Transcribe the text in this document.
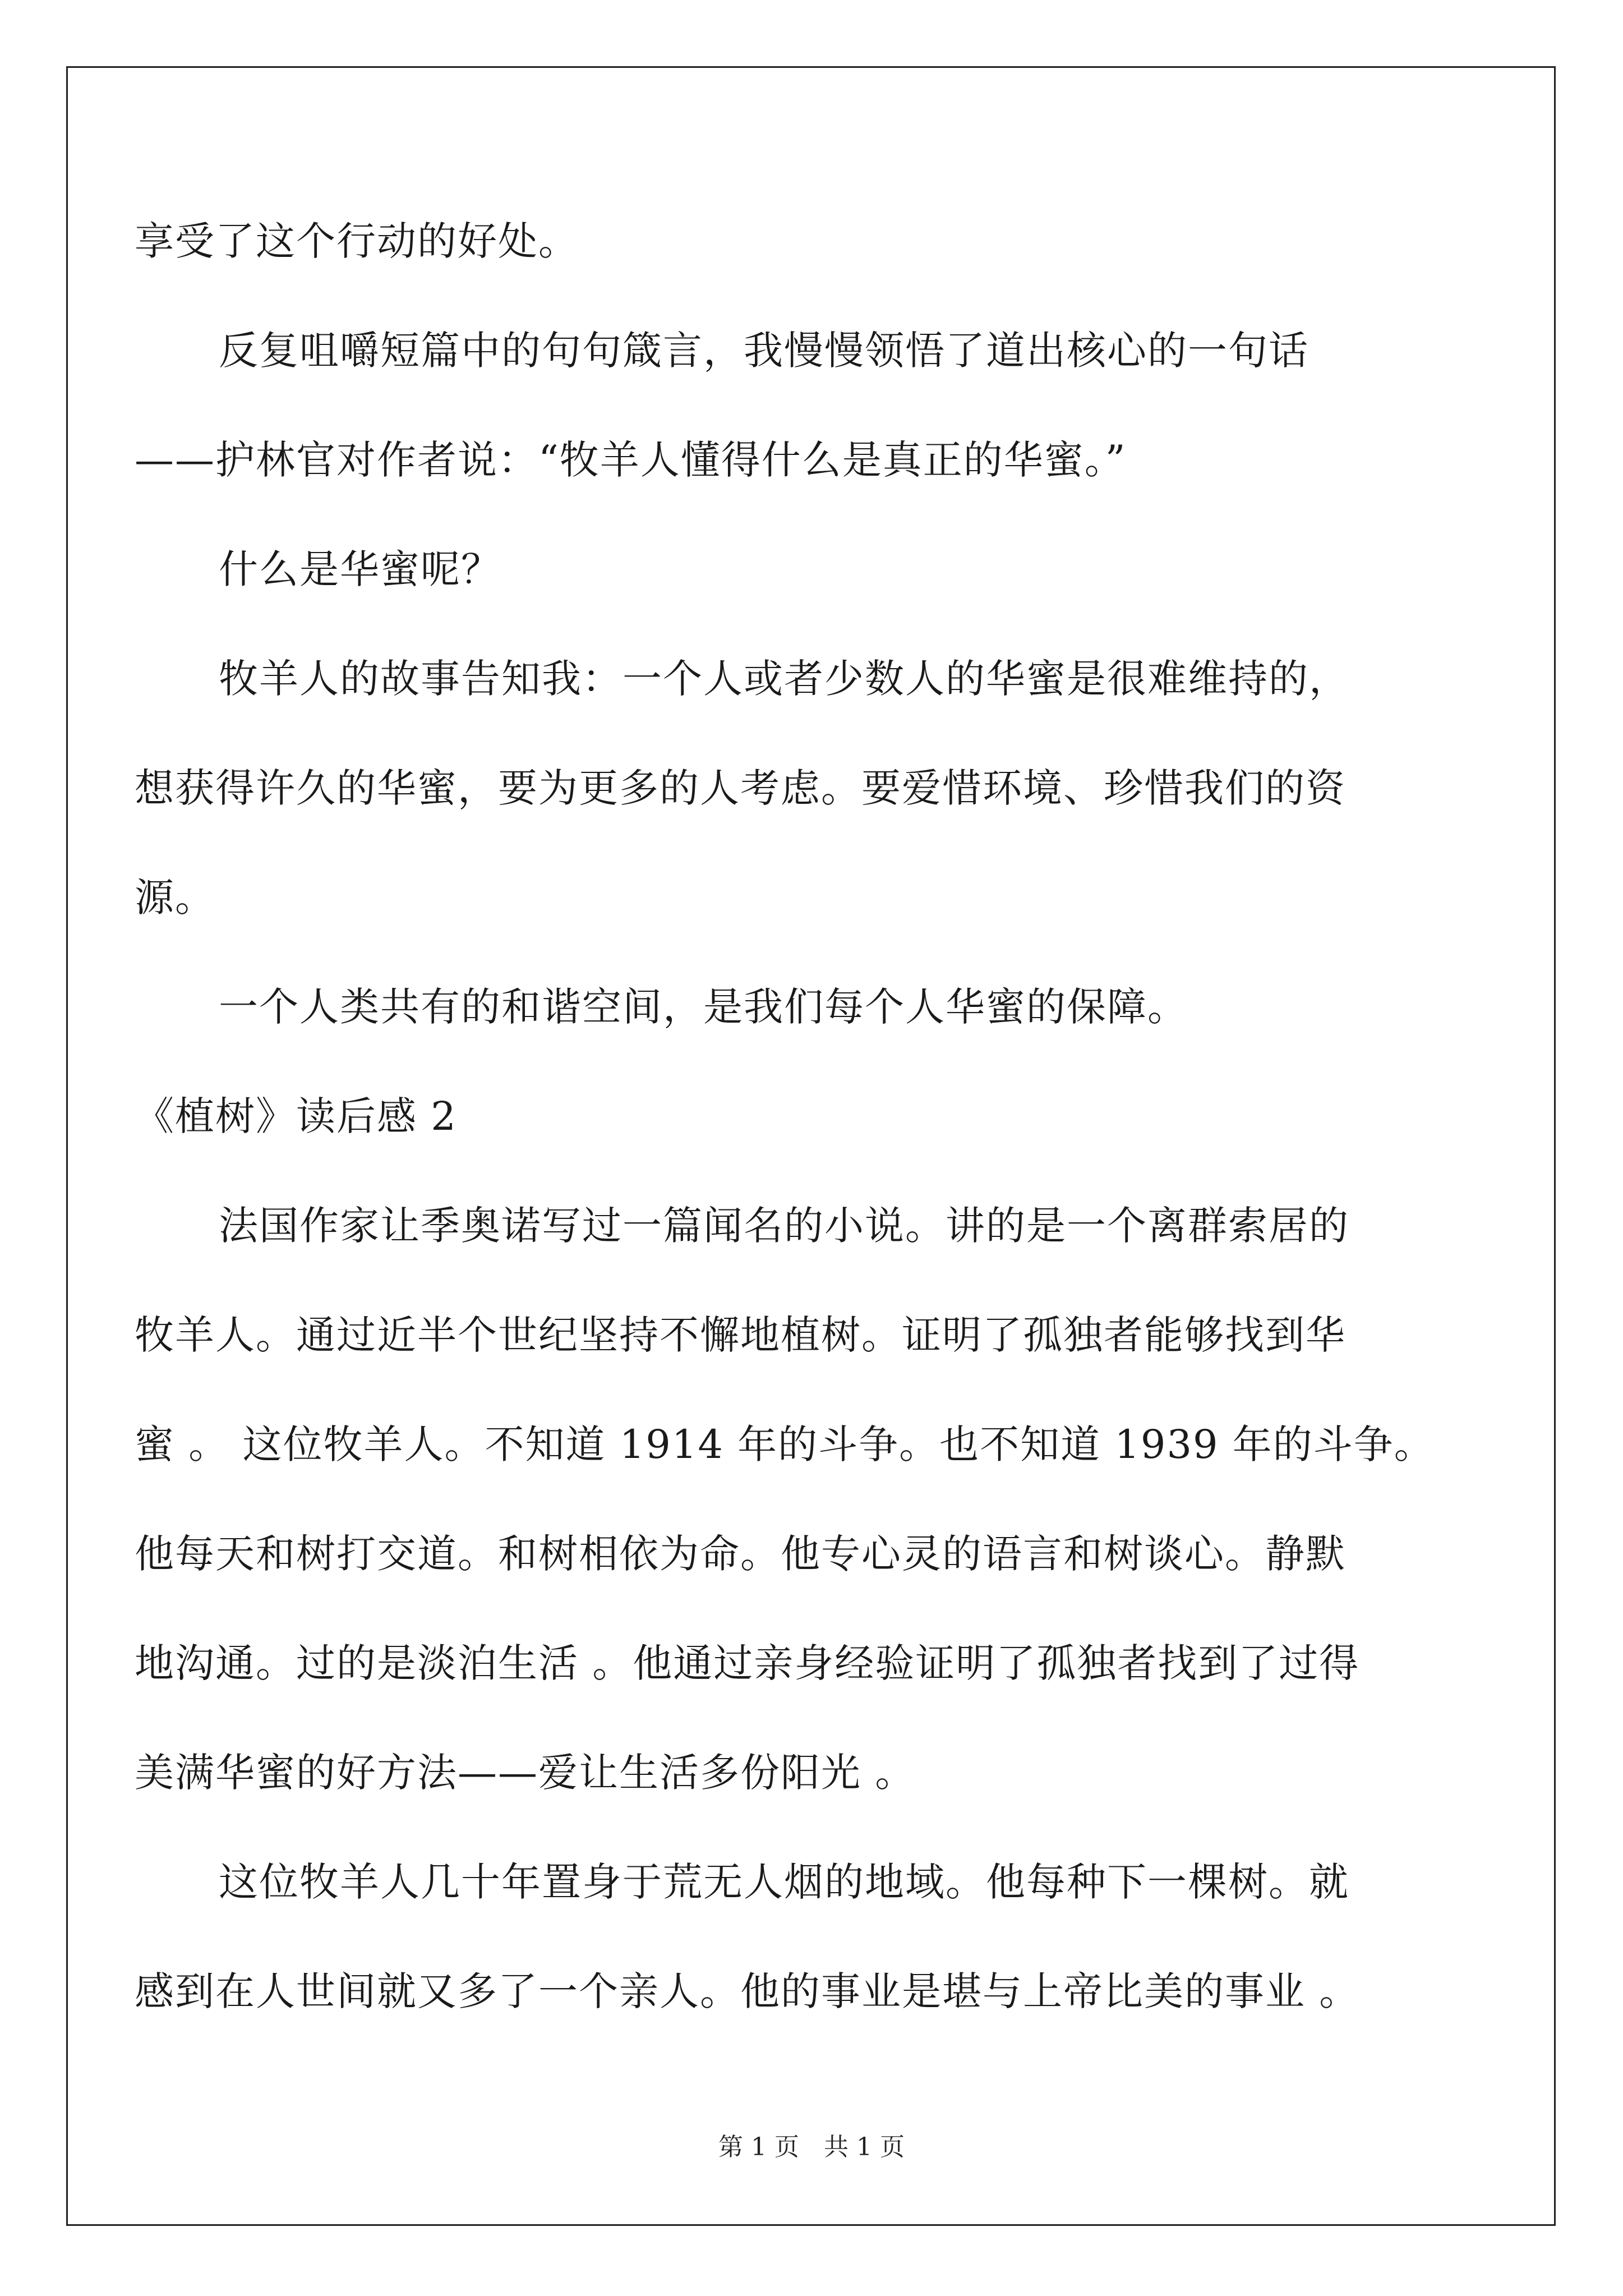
享受了这个行动的好处。
反复咀嚼短篇中的句句箴言，我慢慢领悟了道出核心的一句话
——护林官对作者说：“牧羊人懂得什么是真正的华蜜。”
什么是华蜜呢？
牧羊人的故事告知我：一个人或者少数人的华蜜是很难维持的，
想获得许久的华蜜，要为更多的人考虑。要爱惜环境、珍惜我们的资
源。
一个人类共有的和谐空间，是我们每个人华蜜的保障。
《植树》读后感 2
法国作家让季奥诺写过一篇闻名的小说。讲的是一个离群索居的
牧羊人。通过近半个世纪坚持不懈地植树。证明了孤独者能够找到华
蜜 。 这位牧羊人。不知道 1914 年的斗争。也不知道 1939 年的斗争。
他每天和树打交道。和树相依为命。他专心灵的语言和树谈心。静默
地沟通。过的是淡泊生活 。他通过亲身经验证明了孤独者找到了过得
美满华蜜的好方法——爱让生活多份阳光 。
这位牧羊人几十年置身于荒无人烟的地域。他每种下一棵树。就
感到在人世间就又多了一个亲人。他的事业是堪与上帝比美的事业 。
第 1 页　共 1 页
